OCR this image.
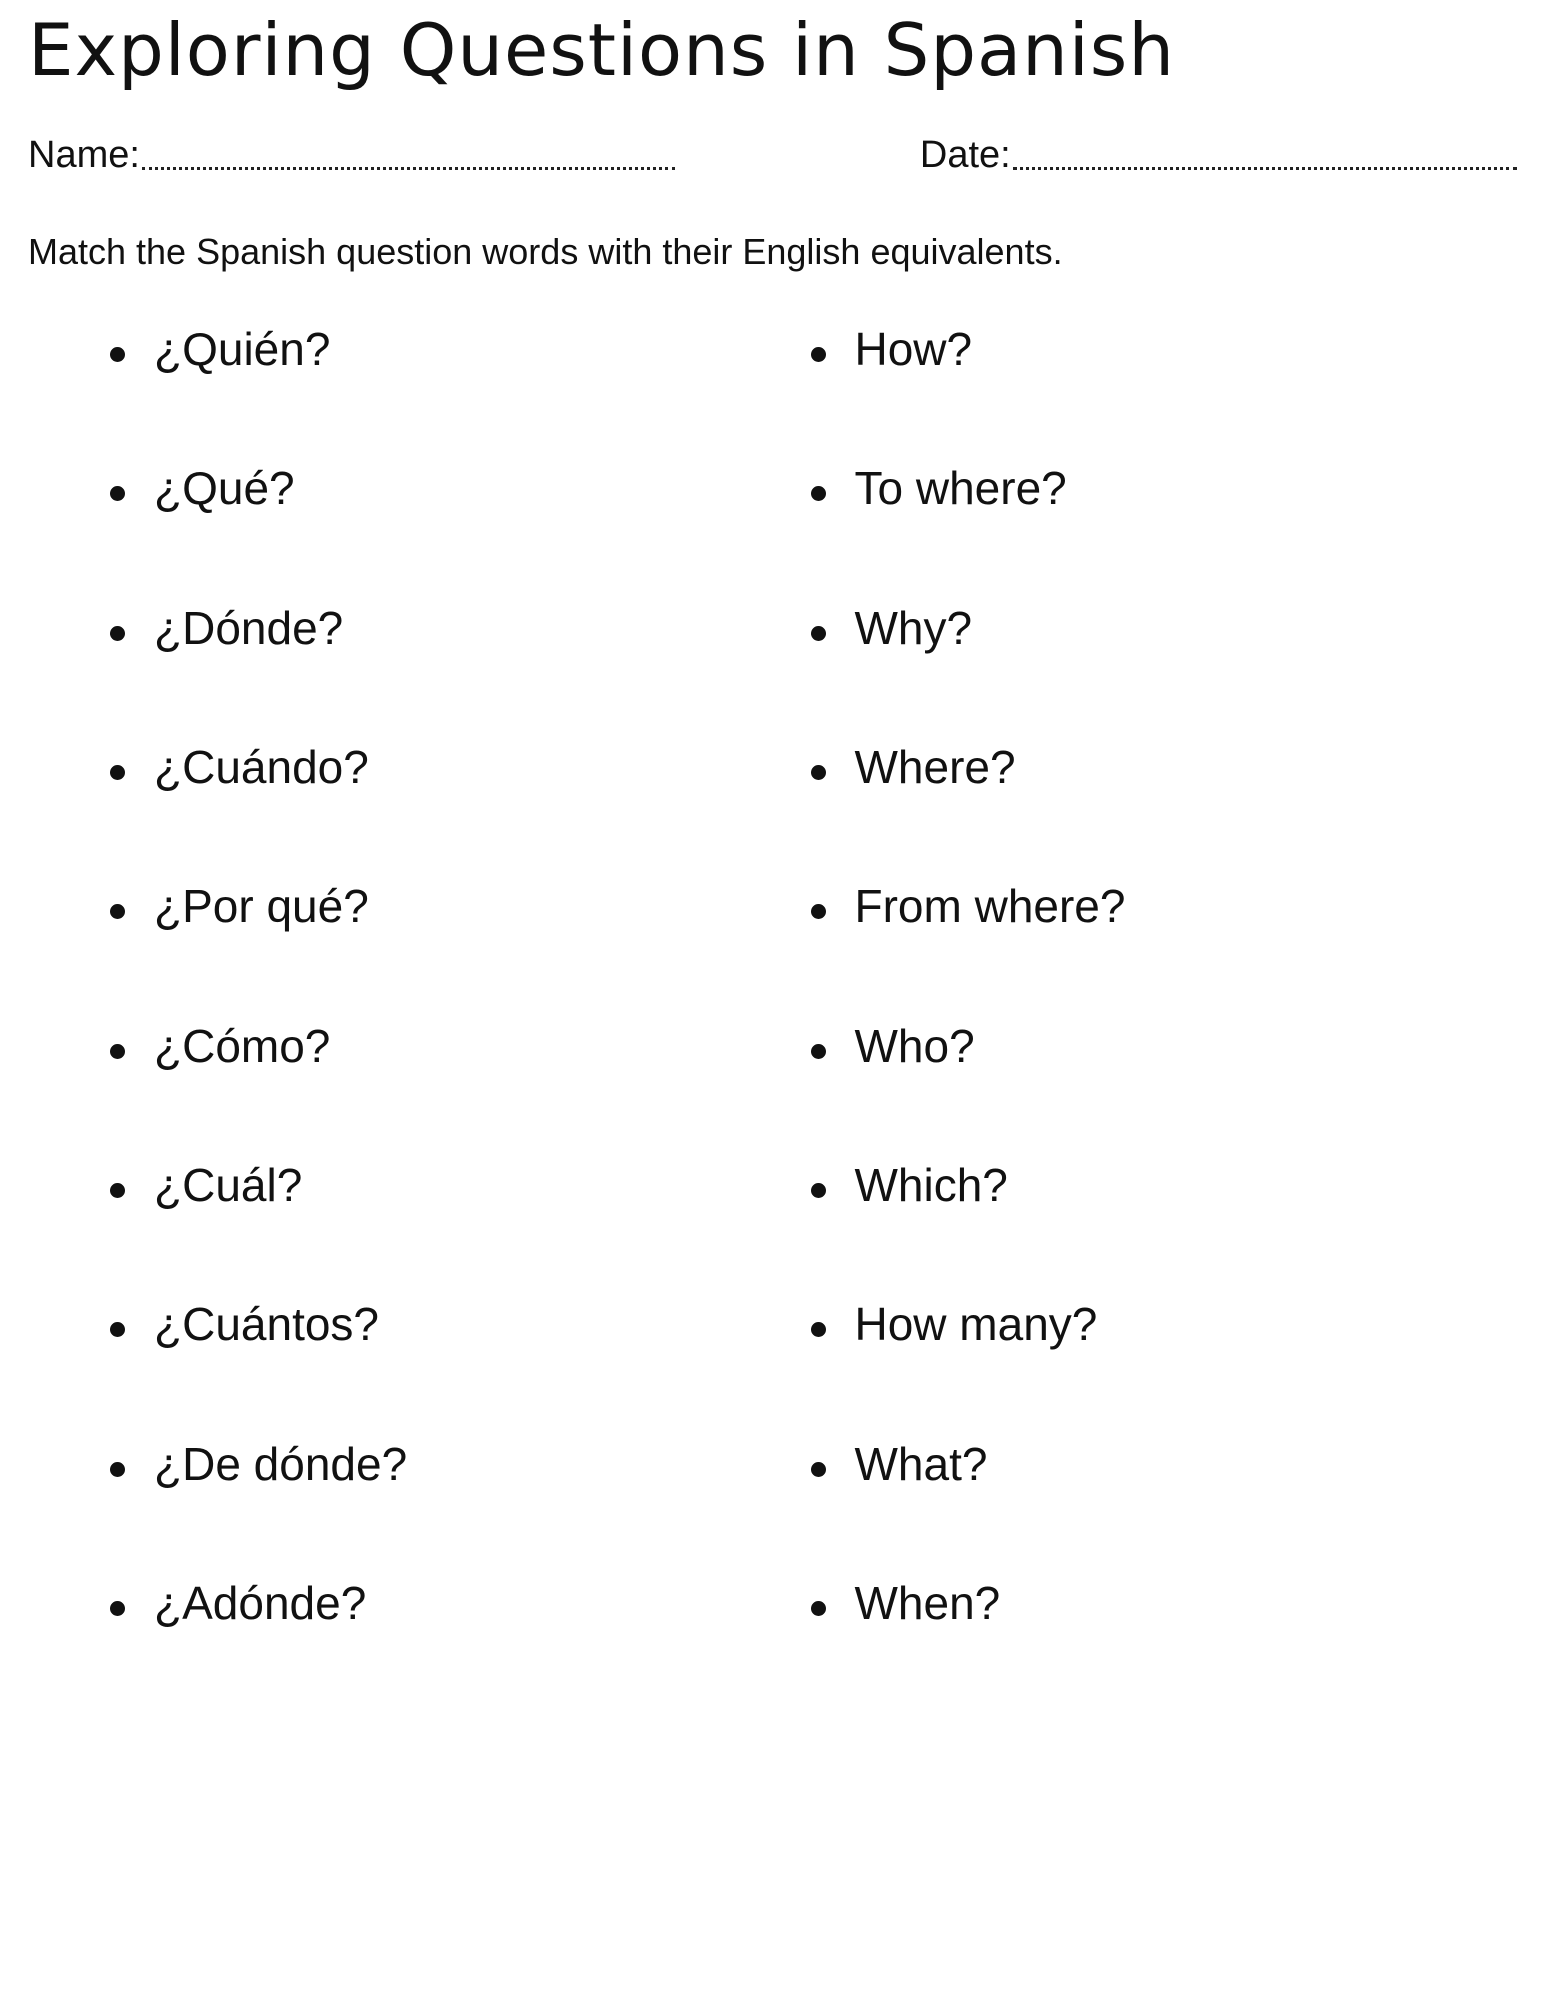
Exploring Questions in Spanish
Name:	Date:

Match the Spanish question words with their English equivalents.

¿Quién?
¿Qué?
¿Dónde?
¿Cuándo?
¿Por qué?
¿Cómo?
¿Cuál?
¿Cuántos?
¿De dónde?
¿Adónde?
How?
To where?
Why?
Where?
From where?
Who?
Which?
How many?
What?
When?
